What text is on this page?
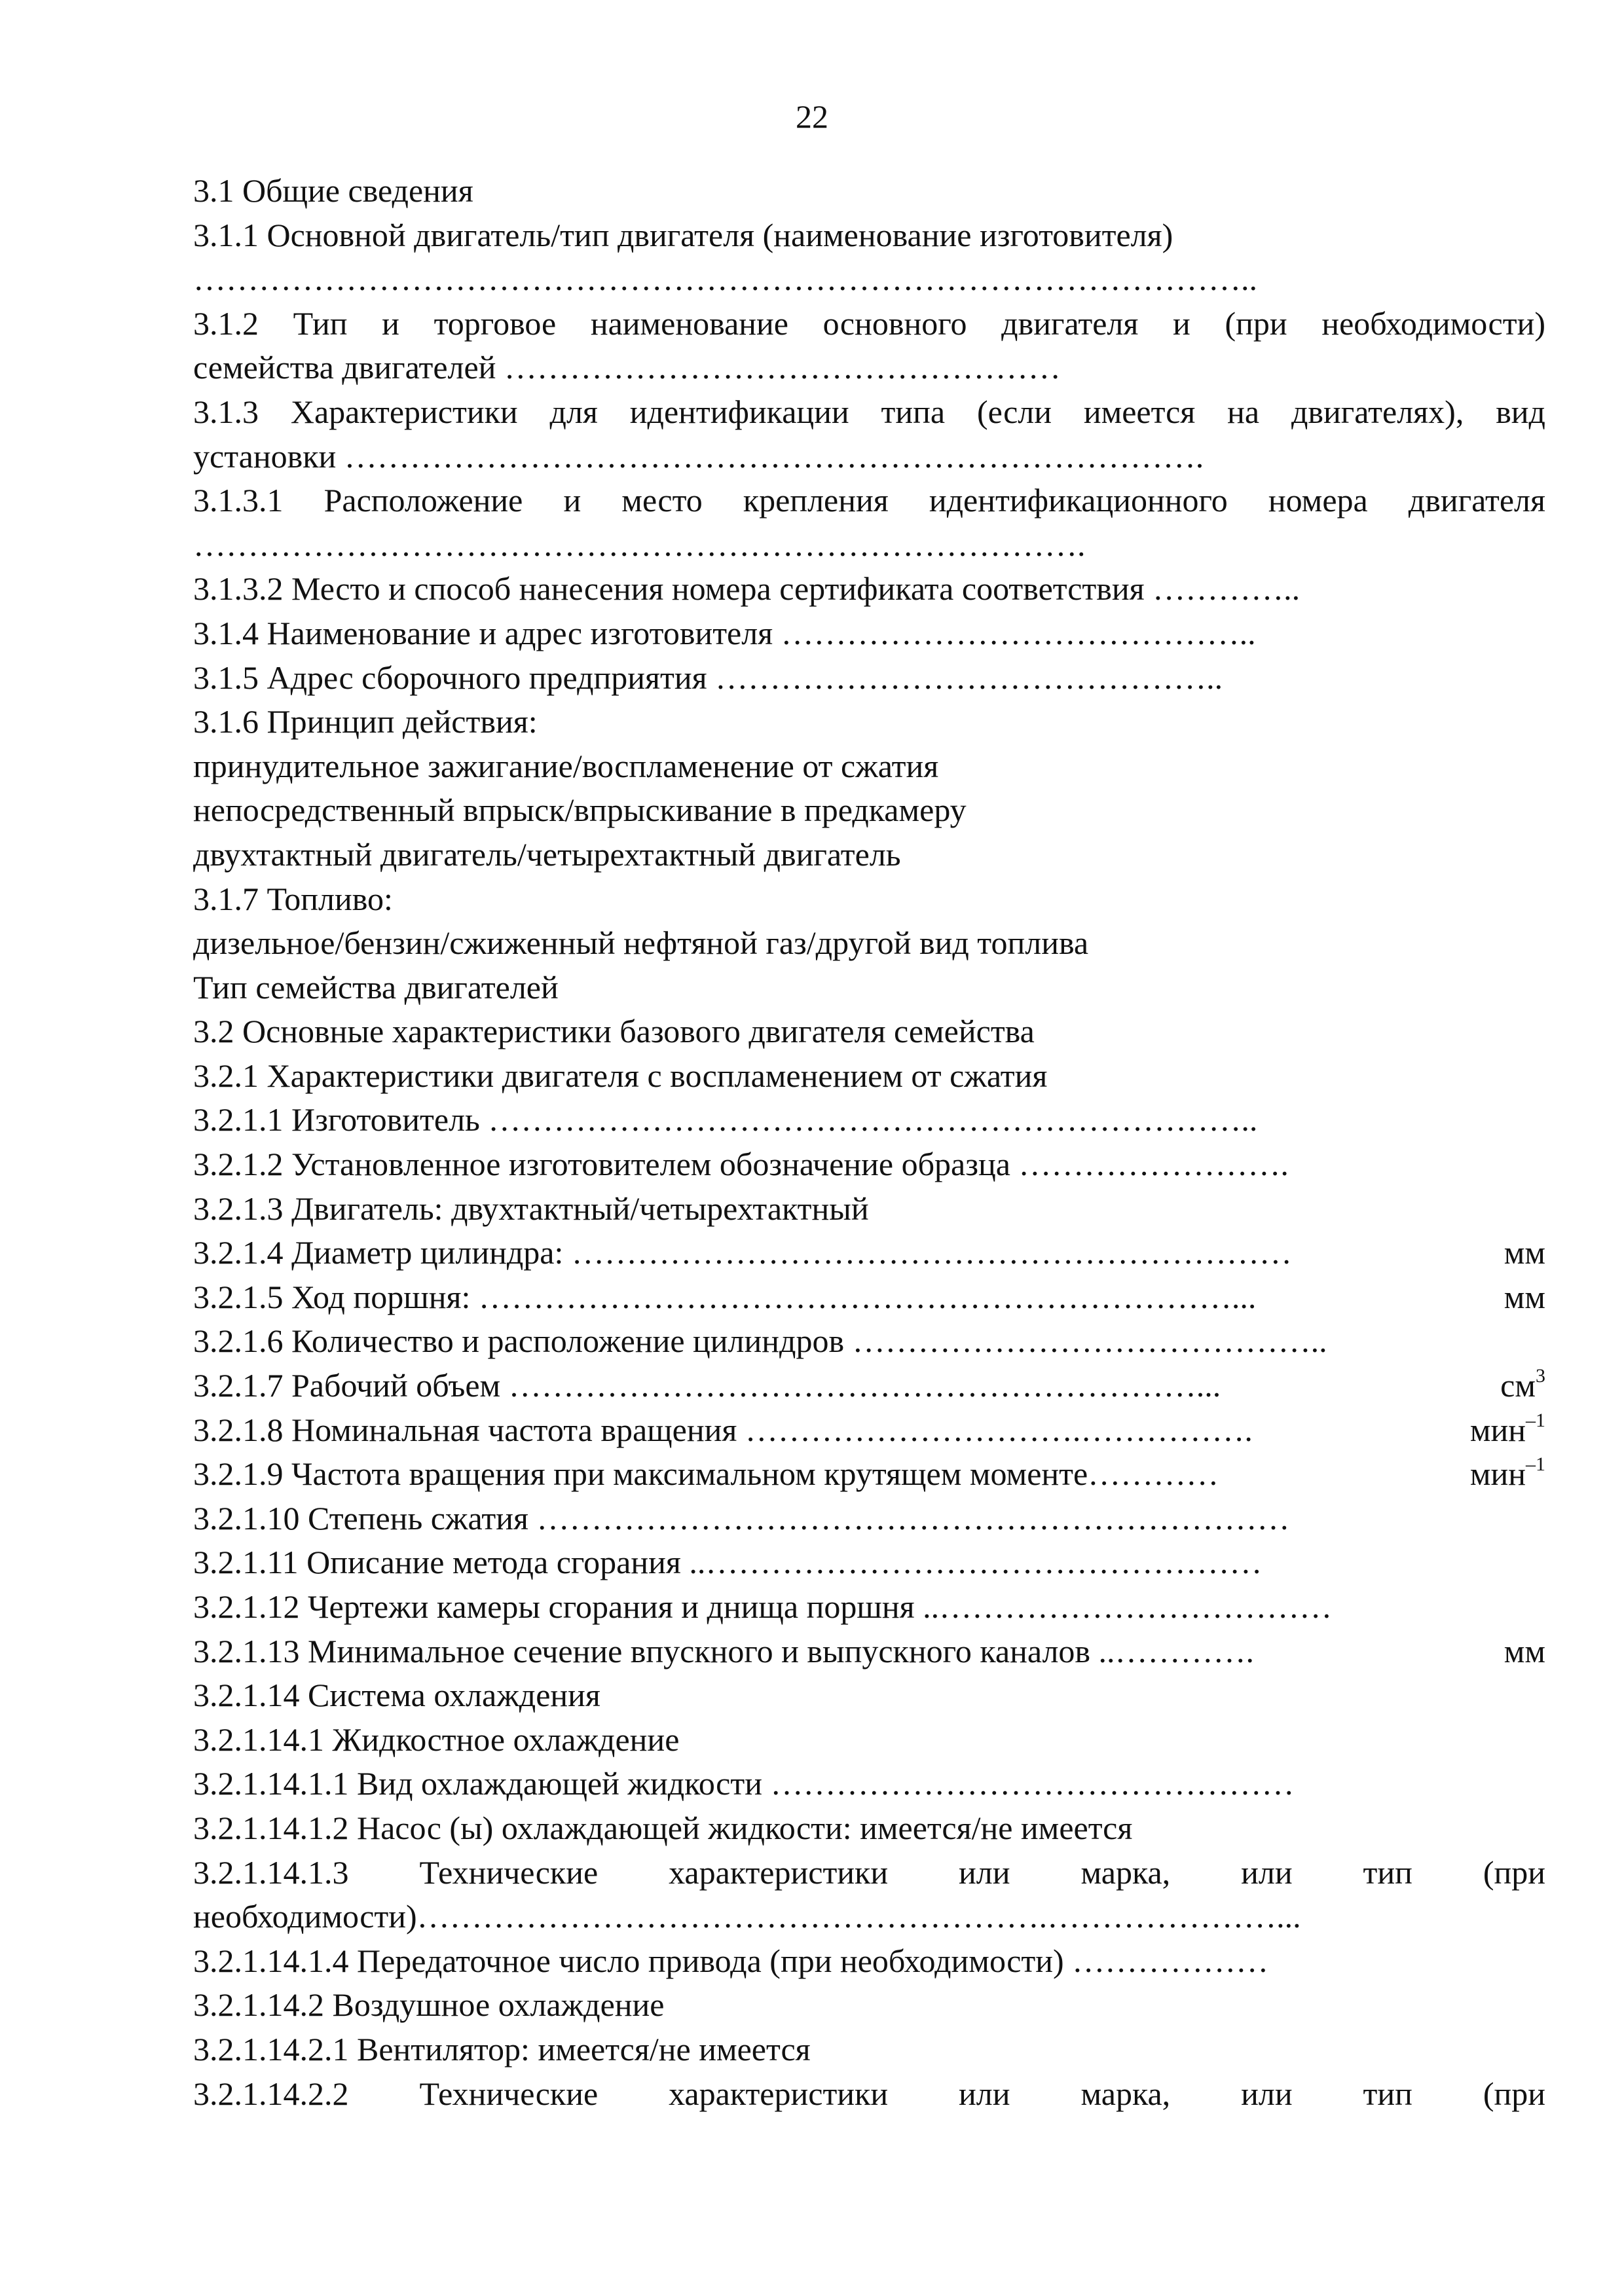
22
3.1 Общие сведения
3.1.1 Основной двигатель/тип двигателя (наименование изготовителя)
……………………………………………………………………………………..
3.1.2 Тип и торговое наименование основного двигателя и (при необходимости)
семейства двигателей ……………………………………………
3.1.3 Характеристики для идентификации типа (если имеется на двигателях), вид
установки …………………………………………………………………….
3.1.3.1 Расположение и место крепления идентификационного номера двигателя
……………………………………………………………………….
3.1.3.2 Место и способ нанесения номера сертификата соответствия …………..
3.1.4 Наименование и адрес изготовителя ……………………………………..
3.1.5 Адрес сборочного предприятия ………………………………………..
3.1.6 Принцип действия:
принудительное зажигание/воспламенение от сжатия
непосредственный впрыск/впрыскивание в предкамеру
двухтактный двигатель/четырехтактный двигатель
3.1.7 Топливо:
дизельное/бензин/сжиженный нефтяной газ/другой вид топлива
Тип семейства двигателей
3.2 Основные характеристики базового двигателя семейства
3.2.1 Характеристики двигателя с воспламенением от сжатия
3.2.1.1 Изготовитель ……………………………………………………………..
3.2.1.2 Установленное изготовителем обозначение образца …………………….
3.2.1.3 Двигатель: двухтактный/четырехтактный
3.2.1.4 Диаметр цилиндра: …………………………………………………………	мм
3.2.1.5 Ход поршня: ……………………………………………………………...	мм
3.2.1.6 Количество и расположение цилиндров ……………………………………..
3.2.1.7 Рабочий объем ………………………………………………………...	$см^3$
3.2.1.8 Номинальная частота вращения ………………………….…………….	мин$^{-1}$
3.2.1.9 Частота вращения при максимальном крутящем моменте…………	мин$^{-1}$
3.2.1.10 Степень сжатия ……………………………………………………………
3.2.1.11 Описание метода сгорания ..……………………………………………
3.2.1.12 Чертежи камеры сгорания и днища поршня ..………………………………
3.2.1.13 Минимальное сечение впускного и выпускного каналов ..………….	мм
3.2.1.14 Система охлаждения
3.2.1.14.1 Жидкостное охлаждение
3.2.1.14.1.1 Вид охлаждающей жидкости …………………………………………
3.2.1.14.1.2 Насос (ы) охлаждающей жидкости: имеется/не имеется
3.2.1.14.1.3 Технические характеристики или марка, или тип (при
необходимости)………………………………………………….…………………...
3.2.1.14.1.4 Передаточное число привода (при необходимости) ………………
3.2.1.14.2 Воздушное охлаждение
3.2.1.14.2.1 Вентилятор: имеется/не имеется
3.2.1.14.2.2 Технические характеристики или марка, или тип (при
